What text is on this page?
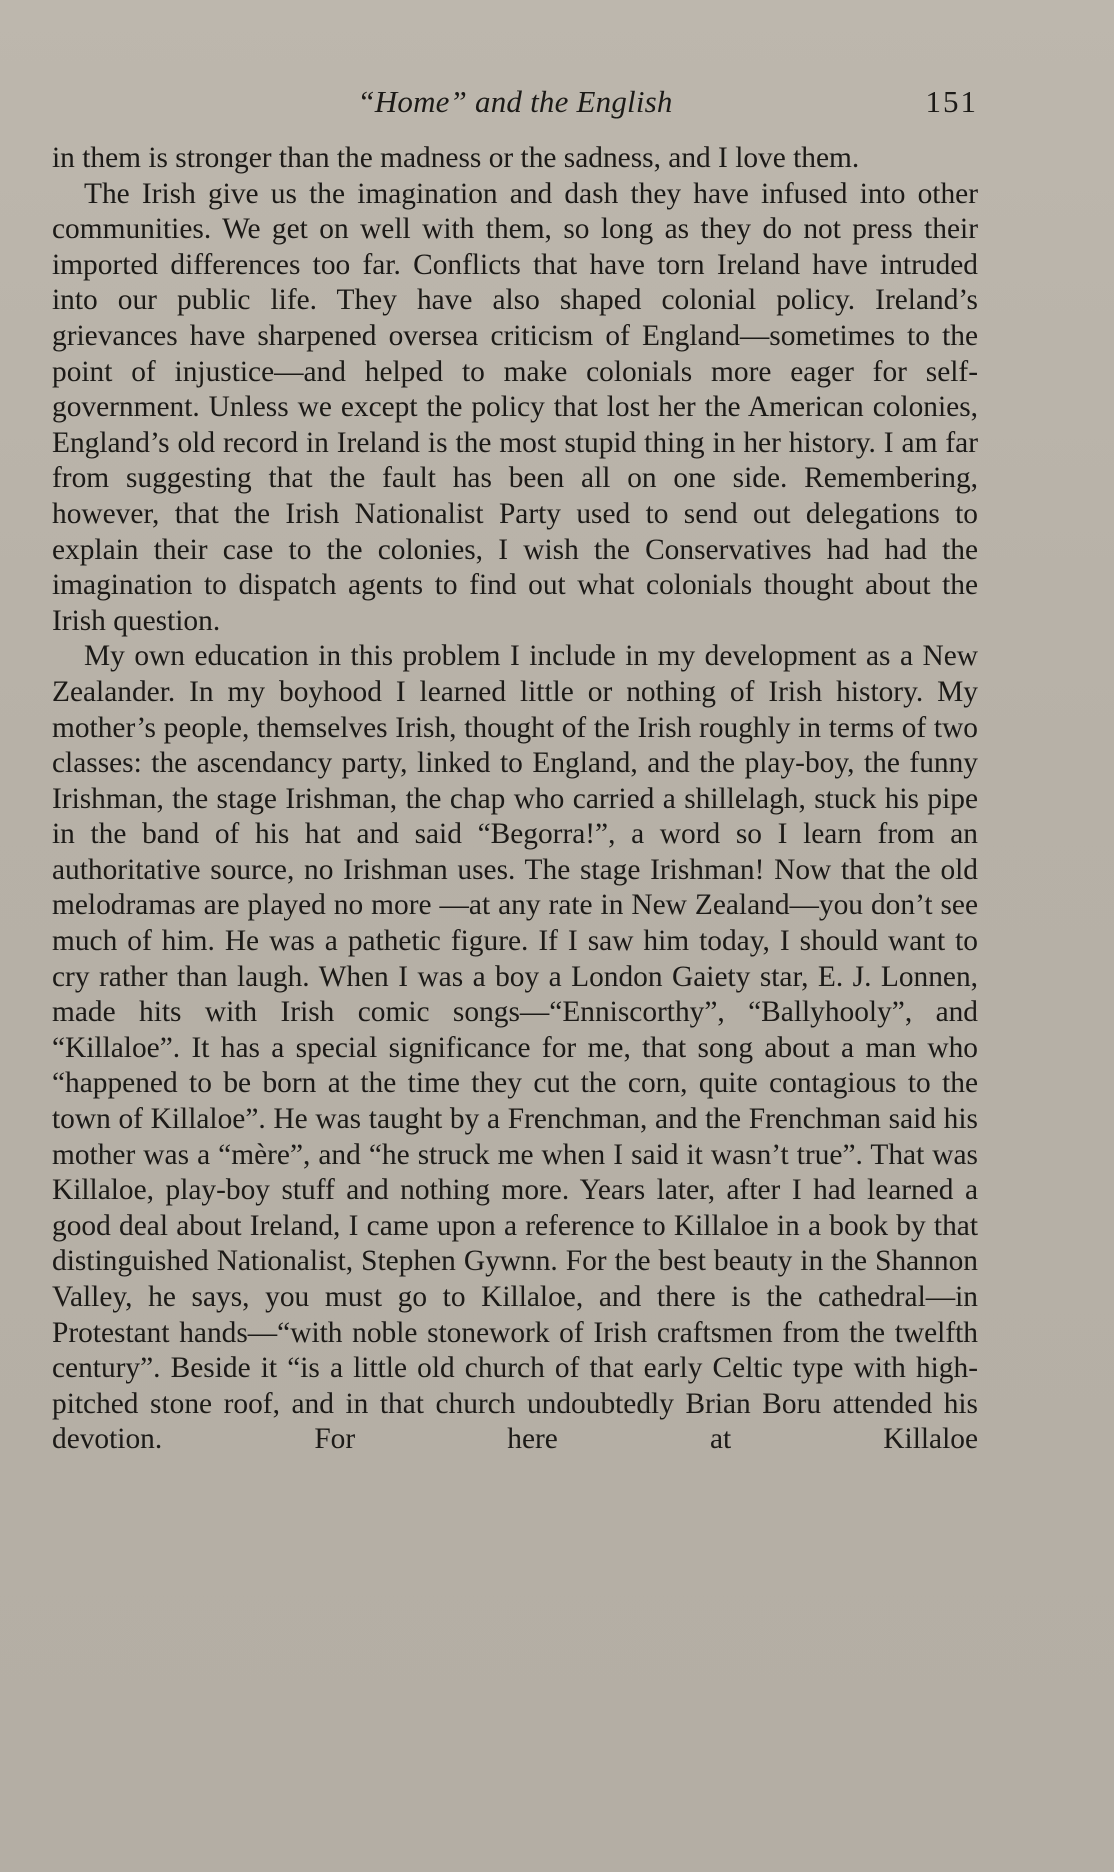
“Home” and the English	151

in them is stronger than the madness or the sadness, and I love them.

The Irish give us the imagination and dash they have infused into other communities. We get on well with them, so long as they do not press their imported differences too far. Conflicts that have torn Ireland have intruded into our public life. They have also shaped colonial policy. Ireland’s grievances have sharpened oversea criticism of England—sometimes to the point of injustice—and helped to make colonials more eager for self-government. Unless we except the policy that lost her the American colonies, England’s old record in Ireland is the most stupid thing in her history. I am far from suggesting that the fault has been all on one side. Remembering, however, that the Irish Nationalist Party used to send out delegations to explain their case to the colonies, I wish the Conservatives had had the imagination to dispatch agents to find out what colonials thought about the Irish question.

My own education in this problem I include in my development as a New Zealander. In my boyhood I learned little or nothing of Irish history. My mother’s people, themselves Irish, thought of the Irish roughly in terms of two classes: the ascendancy party, linked to England, and the play-boy, the funny Irishman, the stage Irishman, the chap who carried a shillelagh, stuck his pipe in the band of his hat and said “Begorra!”, a word so I learn from an authoritative source, no Irishman uses. The stage Irishman! Now that the old melodramas are played no more —at any rate in New Zealand—you don’t see much of him. He was a pathetic figure. If I saw him today, I should want to cry rather than laugh. When I was a boy a London Gaiety star, E. J. Lonnen, made hits with Irish comic songs—“Enniscorthy”, “Ballyhooly”, and “Killaloe”. It has a special significance for me, that song about a man who “happened to be born at the time they cut the corn, quite contagious to the town of Killaloe”. He was taught by a Frenchman, and the Frenchman said his mother was a “mère”, and “he struck me when I said it wasn’t true”. That was Killaloe, play-boy stuff and nothing more. Years later, after I had learned a good deal about Ireland, I came upon a reference to Killaloe in a book by that distinguished Nationalist, Stephen Gywnn. For the best beauty in the Shannon Valley, he says, you must go to Killaloe, and there is the cathedral—in Protestant hands—“with noble stonework of Irish craftsmen from the twelfth century”. Beside it “is a little old church of that early Celtic type with high-pitched stone roof, and in that church undoubtedly Brian Boru attended his devotion. For here at Killaloe
